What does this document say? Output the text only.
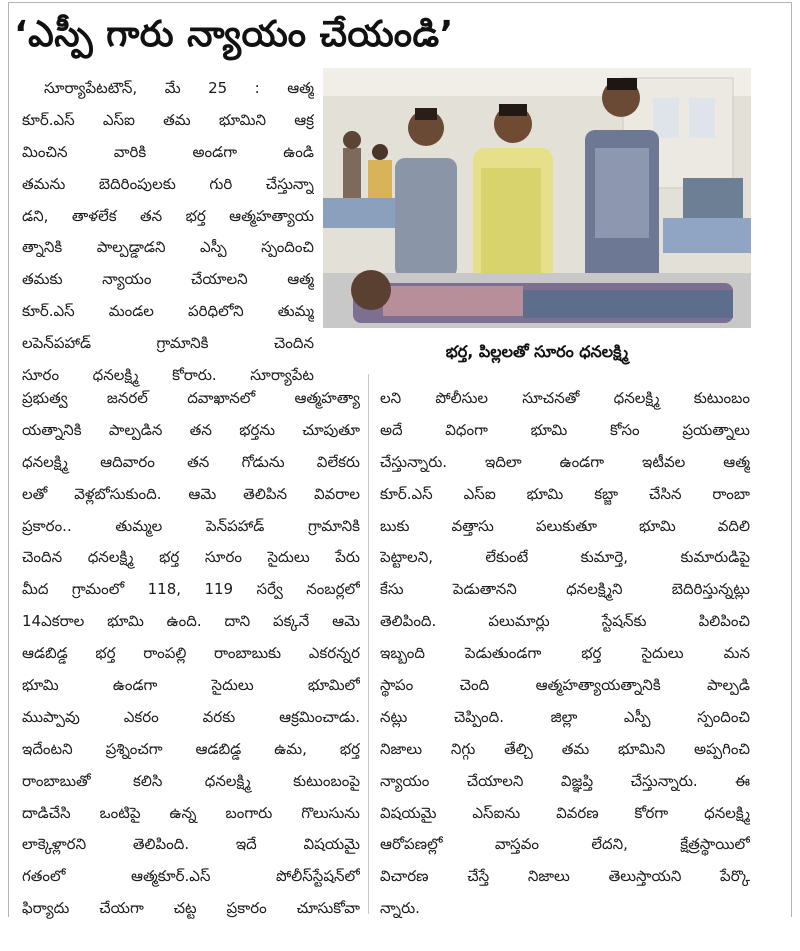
‘ఎస్పీ గారు న్యాయం చేయండి’
సూర్యాపేటటౌన్‌, మే 25 : ఆత్మ
కూర్‌.ఎస్‌ ఎస్‌ఐ తమ భూమిని ఆక్ర
మించిన వారికి అండగా ఉండి
తమను బెదిరింపులకు గురి చేస్తున్నా
డని, తాళలేక తన భర్త ఆత్మహత్యాయ
త్నానికి పాల్పడ్డాడని ఎస్పీ స్పందించి
తమకు న్యాయం చేయాలని ఆత్మ
కూర్‌.ఎస్‌ మండల పరిధిలోని తుమ్మ
లపెన్‌పహాడ్‌ గ్రామానికి చెందిన
సూరం ధనలక్ష్మి కోరారు. సూర్యాపేట
భర్త, పిల్లలతో సూరం ధనలక్ష్మి
ప్రభుత్వ జనరల్‌ దవాఖానలో ఆత్మహత్యా
యత్నానికి పాల్పడిన తన భర్తను చూపుతూ
ధనలక్ష్మి ఆదివారం తన గోడును విలేకరు
లతో వెళ్లబోసుకుంది. ఆమె తెలిపిన వివరాల
ప్రకారం.. తుమ్మల పెన్‌పహాడ్‌ గ్రామానికి
చెందిన ధనలక్ష్మి భర్త సూరం సైదులు పేరు
మీద గ్రామంలో 118, 119 సర్వే నంబర్లలో
14ఎకరాల భూమి ఉంది. దాని పక్కనే ఆమె
ఆడబిడ్డ భర్త రాంపల్లి రాంబాబుకు ఎకరన్నర
భూమి ఉండగా సైదులు భూమిలో
ముప్పావు ఎకరం వరకు ఆక్రమించాడు.
ఇదేంటని ప్రశ్నించగా ఆడబిడ్డ ఉమ, భర్త
రాంబాబుతో కలిసి ధనలక్ష్మి కుటుంబంపై
దాడిచేసి ఒంటిపై ఉన్న బంగారు గొలుసును
లాక్కెళ్లారని తెలిపింది. ఇదే విషయమై
గతంలో ఆత్మకూర్‌.ఎస్‌ పోలీస్‌స్టేషన్‌లో
ఫిర్యాదు చేయగా చట్ట ప్రకారం చూసుకోవా
లని పోలీసుల సూచనతో ధనలక్ష్మి కుటుంబం
అదే విధంగా భూమి కోసం ప్రయత్నాలు
చేస్తున్నారు. ఇదిలా ఉండగా ఇటీవల ఆత్మ
కూర్‌.ఎస్‌ ఎస్‌ఐ భూమి కబ్జా చేసిన రాంబా
బుకు వత్తాసు పలుకుతూ భూమి వదిలి
పెట్టాలని, లేకుంటే కుమార్తె, కుమారుడిపై
కేసు పెడుతానని ధనలక్ష్మిని బెదిరిస్తున్నట్లు
తెలిపింది. పలుమార్లు స్టేషన్‌కు పిలిపించి
ఇబ్బంది పెడుతుండగా భర్త సైదులు మన
స్థాపం చెంది ఆత్మహత్యాయత్నానికి పాల్పడి
నట్లు చెప్పింది. జిల్లా ఎస్పీ స్పందించి
నిజాలు నిగ్గు తేల్చి తమ భూమిని అప్పగించి
న్యాయం చేయాలని విజ్ఞప్తి చేస్తున్నారు. ఈ
విషయమై ఎస్‌ఐను వివరణ కోరగా ధనలక్ష్మి
ఆరోపణల్లో వాస్తవం లేదని, క్షేత్రస్థాయిలో
విచారణ చేస్తే నిజాలు తెలుస్తాయని పేర్కొ
న్నారు.
